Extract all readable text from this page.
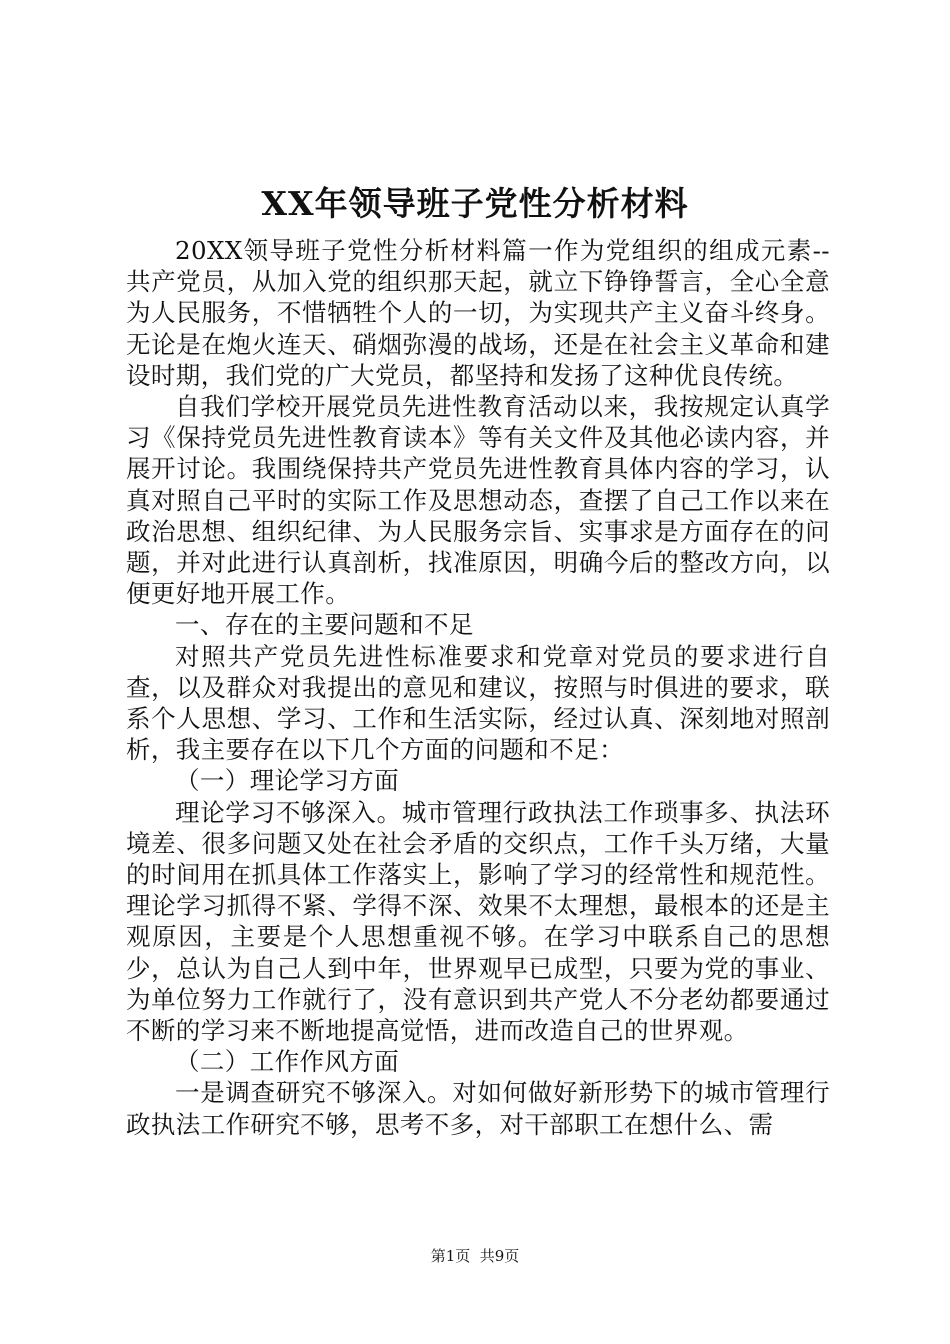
XX年领导班子党性分析材料

20XX领导班子党性分析材料篇一作为党组织的组成元素--共产党员，从加入党的组织那天起，就立下铮铮誓言，全心全意为人民服务，不惜牺牲个人的一切，为实现共产主义奋斗终身。无论是在炮火连天、硝烟弥漫的战场，还是在社会主义革命和建设时期，我们党的广大党员，都坚持和发扬了这种优良传统。

自我们学校开展党员先进性教育活动以来，我按规定认真学习《保持党员先进性教育读本》等有关文件及其他必读内容，并展开讨论。我围绕保持共产党员先进性教育具体内容的学习，认真对照自己平时的实际工作及思想动态，查摆了自己工作以来在政治思想、组织纪律、为人民服务宗旨、实事求是方面存在的问题，并对此进行认真剖析，找准原因，明确今后的整改方向，以便更好地开展工作。

一、存在的主要问题和不足

对照共产党员先进性标准要求和党章对党员的要求进行自查，以及群众对我提出的意见和建议，按照与时俱进的要求，联系个人思想、学习、工作和生活实际，经过认真、深刻地对照剖析，我主要存在以下几个方面的问题和不足：

（一）理论学习方面

理论学习不够深入。城市管理行政执法工作琐事多、执法环境差、很多问题又处在社会矛盾的交织点，工作千头万绪，大量的时间用在抓具体工作落实上，影响了学习的经常性和规范性。理论学习抓得不紧、学得不深、效果不太理想，最根本的还是主观原因，主要是个人思想重视不够。在学习中联系自己的思想少，总认为自己人到中年，世界观早已成型，只要为党的事业、为单位努力工作就行了，没有意识到共产党人不分老幼都要通过不断的学习来不断地提高觉悟，进而改造自己的世界观。

（二）工作作风方面

一是调查研究不够深入。对如何做好新形势下的城市管理行政执法工作研究不够，思考不多，对干部职工在想什么、需

第1页  共9页
